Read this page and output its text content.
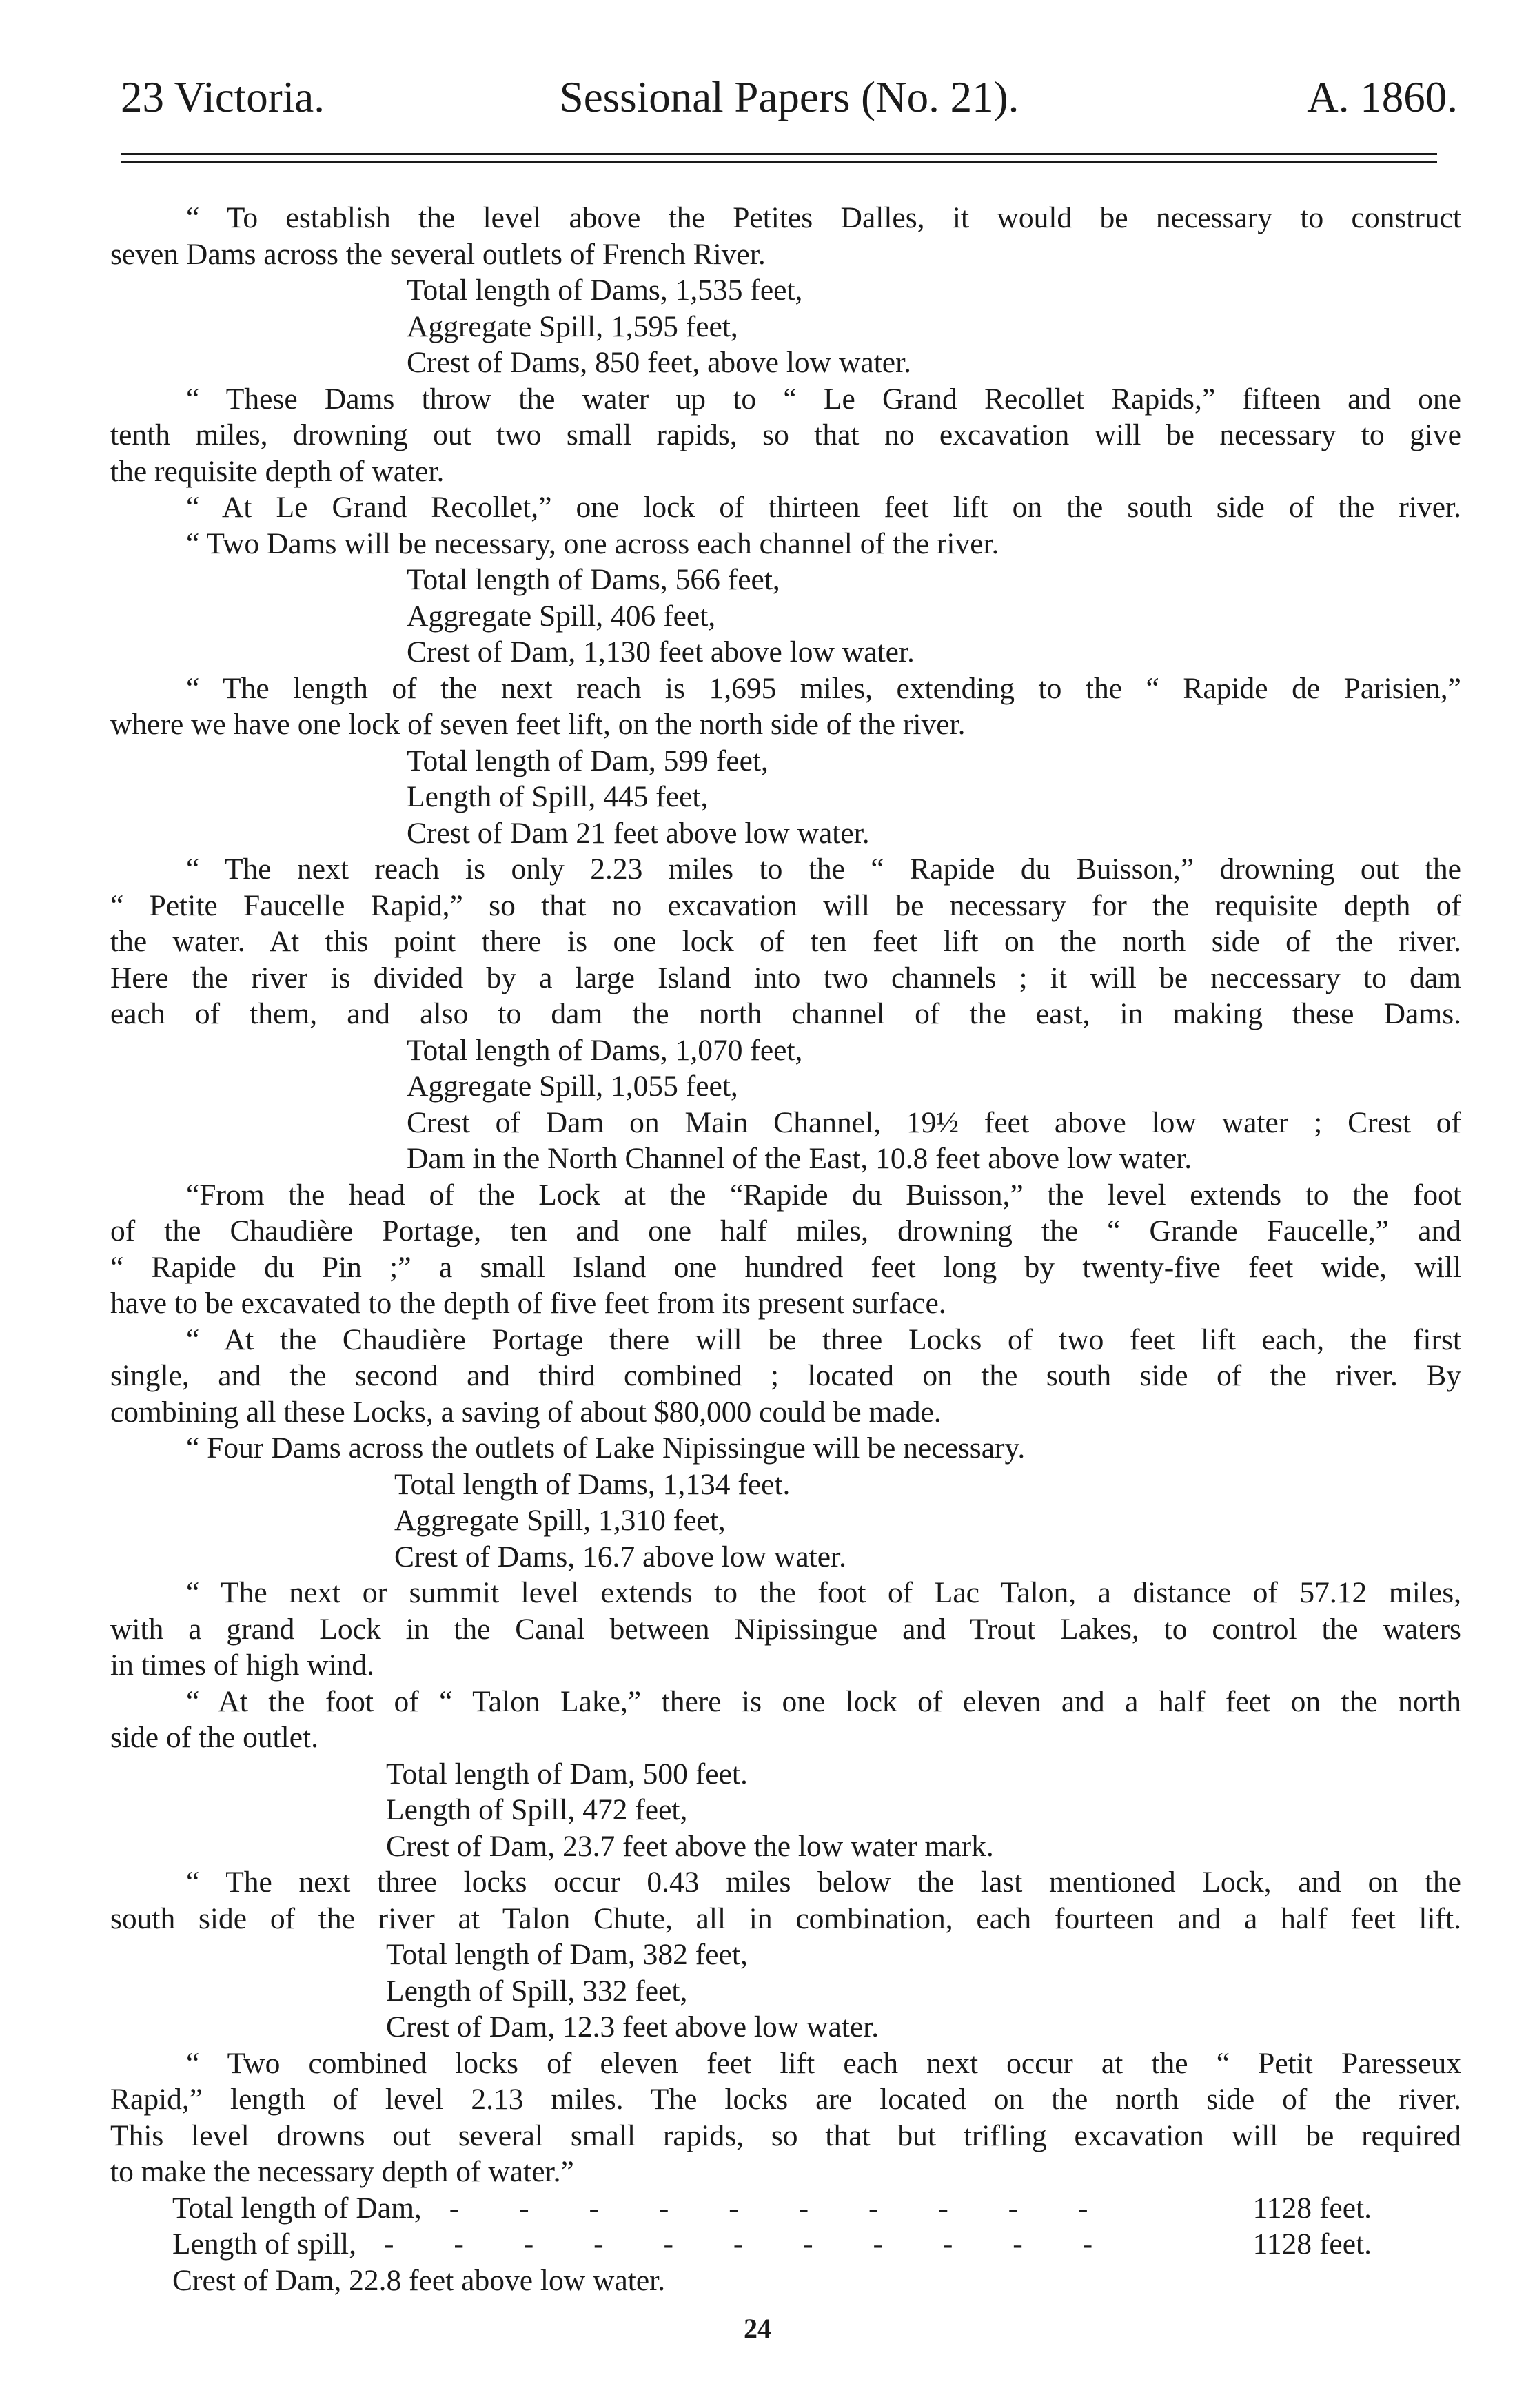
23 Victoria.	Sessional Papers (No. 21).	A. 1860.
“ To establish the level above the Petites Dalles, it would be necessary to construct
seven Dams across the several outlets of French River.
Total length of Dams, 1,535 feet,
Aggregate Spill, 1,595 feet,
Crest of Dams, 850 feet, above low water.
“ These Dams throw the water up to “ Le Grand Recollet Rapids,” fifteen and one
tenth miles, drowning out two small rapids, so that no excavation will be necessary to give
the requisite depth of water.
“ At Le Grand Recollet,” one lock of thirteen feet lift on the south side of the river.
“ Two Dams will be necessary, one across each channel of the river.
Total length of Dams, 566 feet,
Aggregate Spill, 406 feet,
Crest of Dam, 1,130 feet above low water.
“ The length of the next reach is 1,695 miles, extending to the “ Rapide de Parisien,”
where we have one lock of seven feet lift, on the north side of the river.
Total length of Dam, 599 feet,
Length of Spill, 445 feet,
Crest of Dam 21 feet above low water.
“ The next reach is only 2.23 miles to the “ Rapide du Buisson,” drowning out the
“ Petite Faucelle Rapid,” so that no excavation will be necessary for the requisite depth of
the water. At this point there is one lock of ten feet lift on the north side of the river.
Here the river is divided by a large Island into two channels ; it will be neccessary to dam
each of them, and also to dam the north channel of the east, in making these Dams.
Total length of Dams, 1,070 feet,
Aggregate Spill, 1,055 feet,
Crest of Dam on Main Channel, 19½ feet above low water ; Crest of
Dam in the North Channel of the East, 10.8 feet above low water.
“From the head of the Lock at the “Rapide du Buisson,” the level extends to the foot
of the Chaudière Portage, ten and one half miles, drowning the “ Grande Faucelle,” and
“ Rapide du Pin ;” a small Island one hundred feet long by twenty-five feet wide, will
have to be excavated to the depth of five feet from its present surface.
“ At the Chaudière Portage there will be three Locks of two feet lift each, the first
single, and the second and third combined ; located on the south side of the river. By
combining all these Locks, a saving of about $80,000 could be made.
“ Four Dams across the outlets of Lake Nipissingue will be necessary.
Total length of Dams, 1,134 feet.
Aggregate Spill, 1,310 feet,
Crest of Dams, 16.7 above low water.
“ The next or summit level extends to the foot of Lac Talon, a distance of 57.12 miles,
with a grand Lock in the Canal between Nipissingue and Trout Lakes, to control the waters
in times of high wind.
“ At the foot of “ Talon Lake,” there is one lock of eleven and a half feet on the north
side of the outlet.
Total length of Dam, 500 feet.
Length of Spill, 472 feet,
Crest of Dam, 23.7 feet above the low water mark.
“ The next three locks occur 0.43 miles below the last mentioned Lock, and on the
south side of the river at Talon Chute, all in combination, each fourteen and a half feet lift.
Total length of Dam, 382 feet,
Length of Spill, 332 feet,
Crest of Dam, 12.3 feet above low water.
“ Two combined locks of eleven feet lift each next occur at the “ Petit Paresseux
Rapid,” length of level 2.13 miles. The locks are located on the north side of the river.
This level drowns out several small rapids, so that but trifling excavation will be required
to make the necessary depth of water.”
Total length of Dam, - - - - - - - - - -	1128 feet.
Length of spill, - - - - - - - - - - -	1128 feet.
Crest of Dam, 22.8 feet above low water.
24
